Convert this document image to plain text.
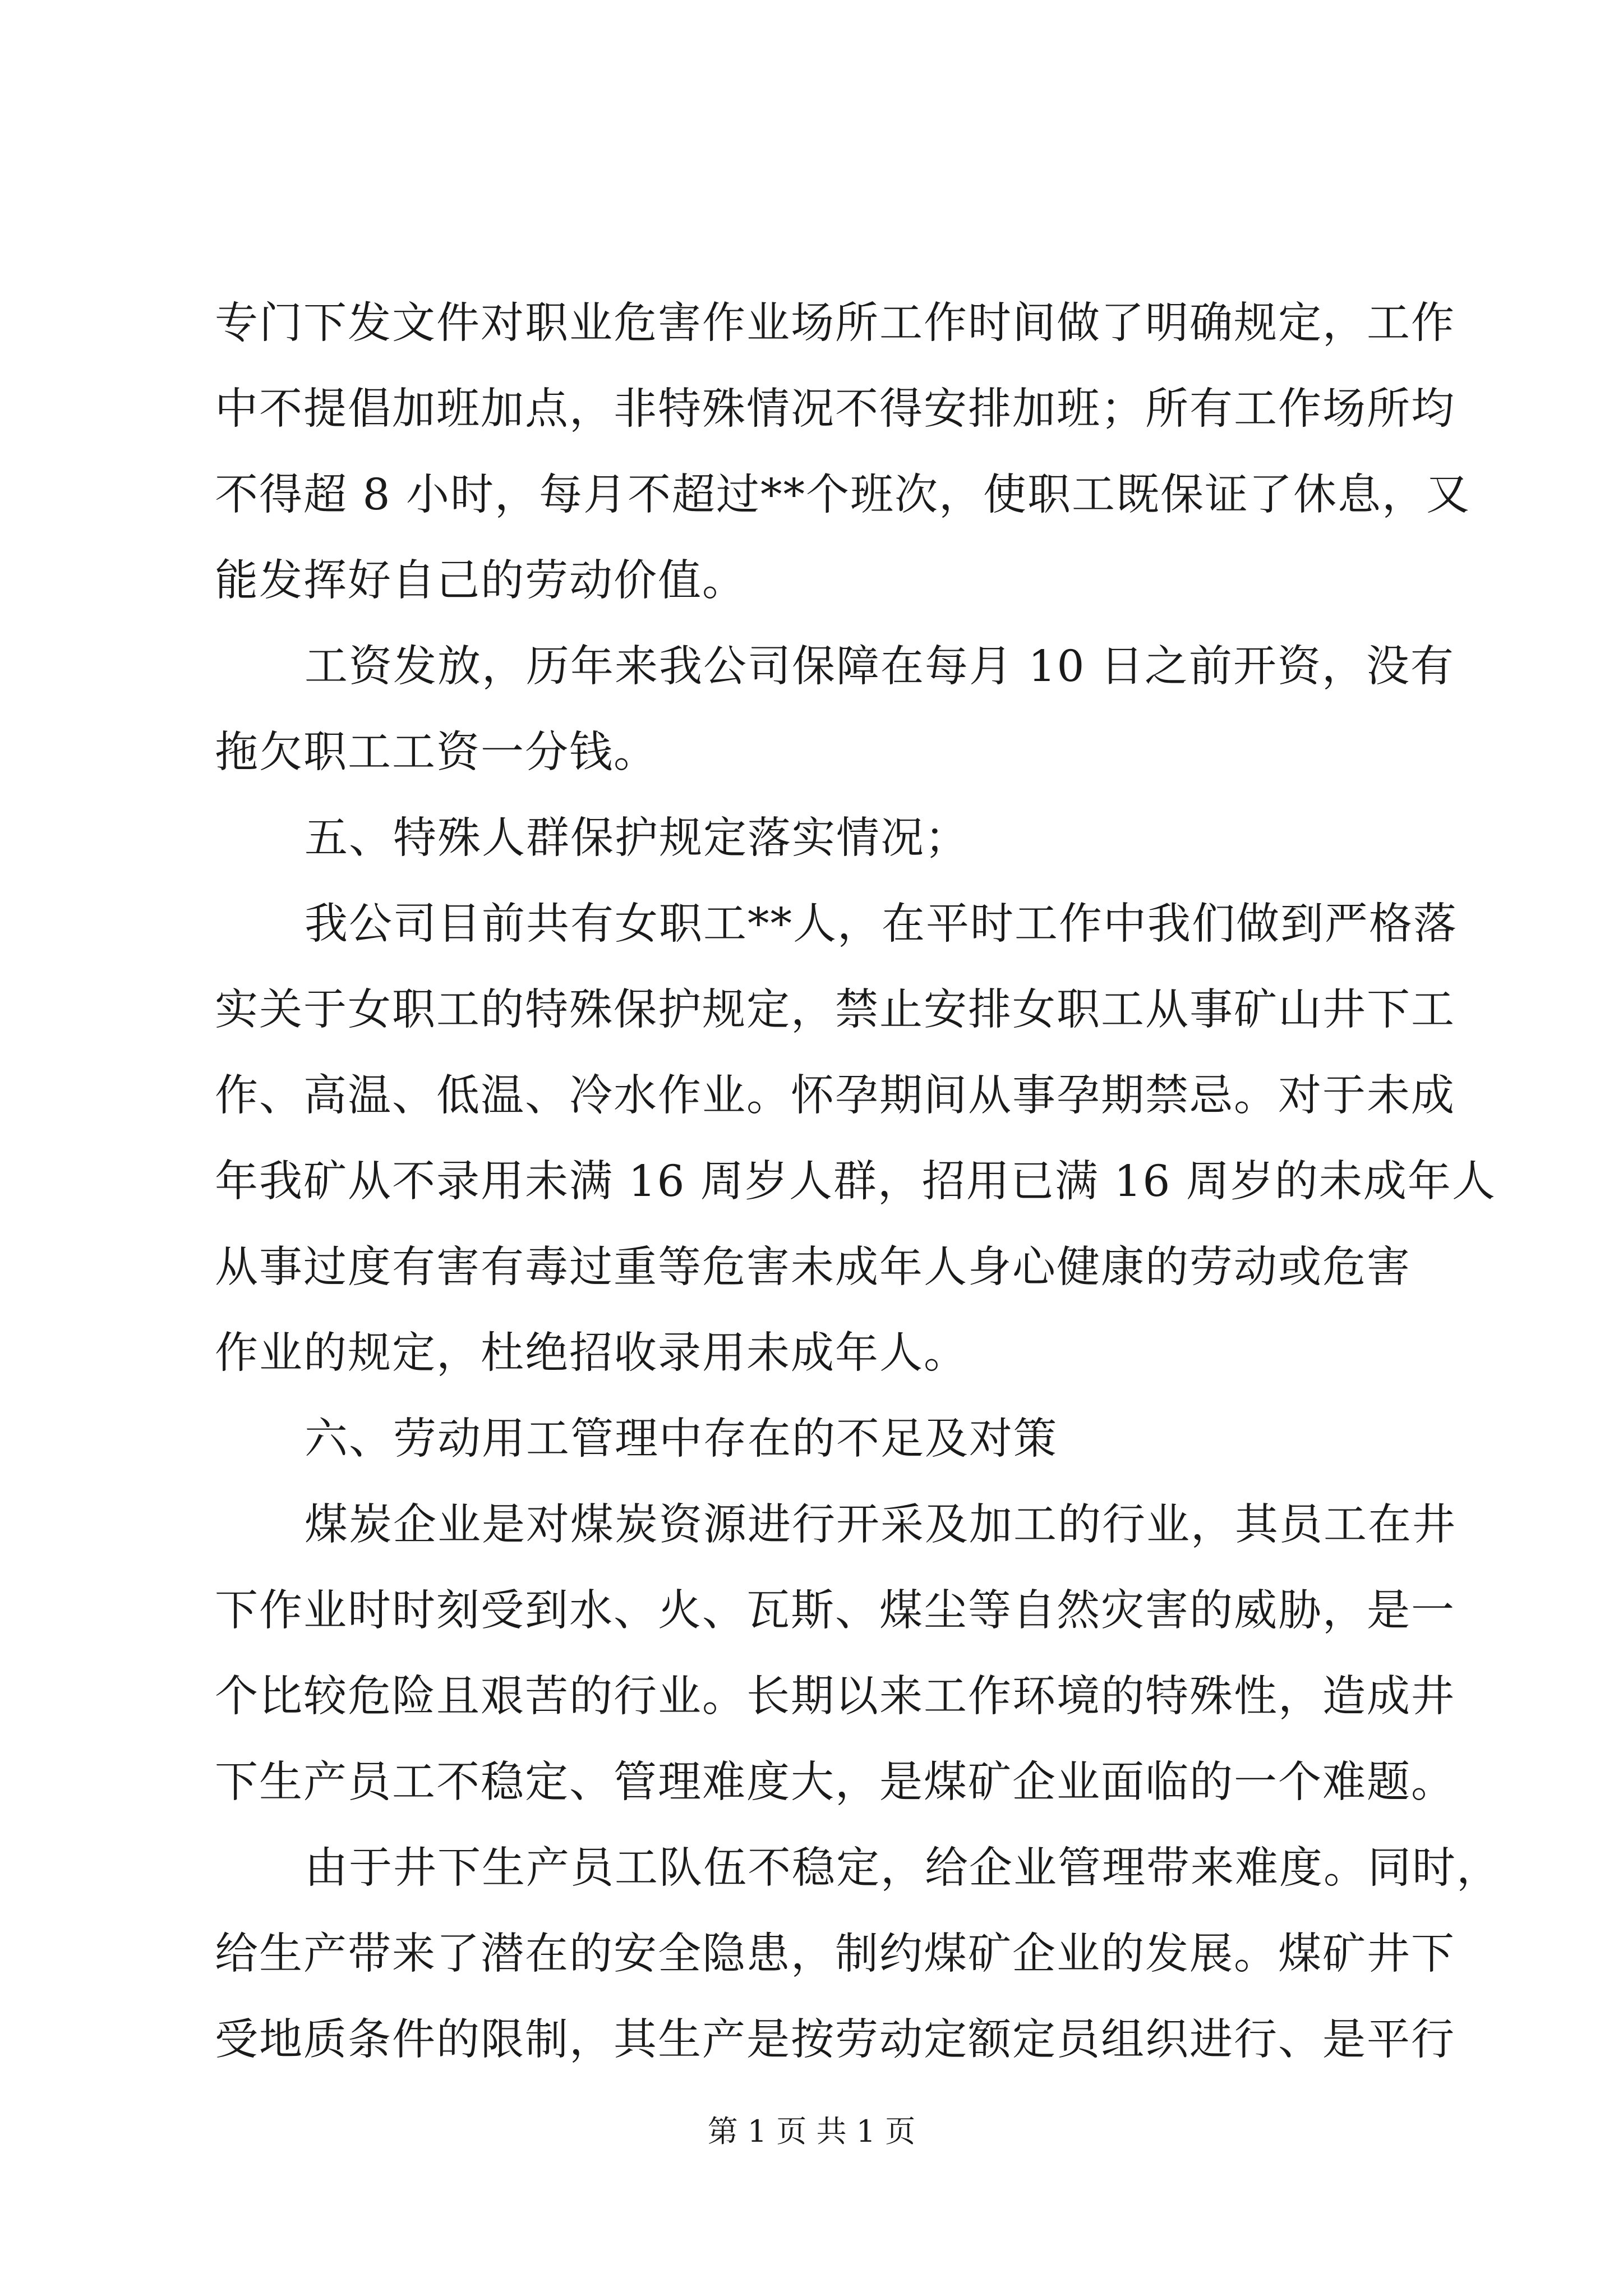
专门下发文件对职业危害作业场所工作时间做了明确规定，工作
中不提倡加班加点，非特殊情况不得安排加班；所有工作场所均
不得超 8 小时，每月不超过**个班次，使职工既保证了休息，又
能发挥好自己的劳动价值。
工资发放，历年来我公司保障在每月 10 日之前开资，没有
拖欠职工工资一分钱。
五、特殊人群保护规定落实情况；
我公司目前共有女职工**人，在平时工作中我们做到严格落
实关于女职工的特殊保护规定，禁止安排女职工从事矿山井下工
作、高温、低温、冷水作业。怀孕期间从事孕期禁忌。对于未成
年我矿从不录用未满 16 周岁人群，招用已满 16 周岁的未成年人
从事过度有害有毒过重等危害未成年人身心健康的劳动或危害
作业的规定，杜绝招收录用未成年人。
六、劳动用工管理中存在的不足及对策
煤炭企业是对煤炭资源进行开采及加工的行业，其员工在井
下作业时时刻受到水、火、瓦斯、煤尘等自然灾害的威胁，是一
个比较危险且艰苦的行业。长期以来工作环境的特殊性，造成井
下生产员工不稳定、管理难度大，是煤矿企业面临的一个难题。
由于井下生产员工队伍不稳定，给企业管理带来难度。同时，
给生产带来了潜在的安全隐患，制约煤矿企业的发展。煤矿井下
受地质条件的限制，其生产是按劳动定额定员组织进行、是平行
第 1 页 共 1 页
